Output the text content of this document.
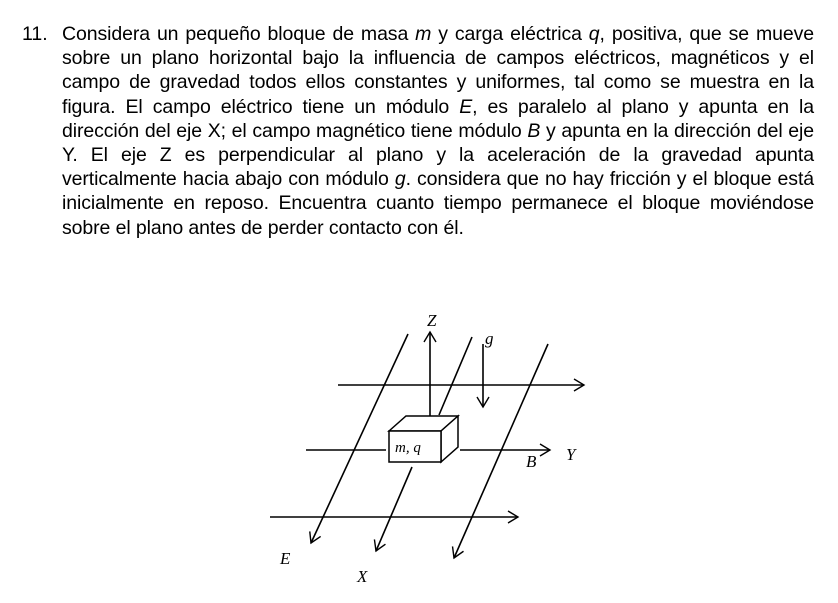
11. Considera un pequeño bloque de masa m y carga eléctrica q, positiva, que se mueve sobre un plano horizontal bajo la influencia de campos eléctricos, magnéticos y el campo de gravedad todos ellos constantes y uniformes, tal como se muestra en la figura. El campo eléctrico tiene un módulo E, es paralelo al plano y apunta en la dirección del eje X; el campo magnético tiene módulo B y apunta en la dirección del eje Y. El eje Z es perpendicular al plano y la aceleración de la gravedad apunta verticalmente hacia abajo con módulo g. considera que no hay fricción y el bloque está inicialmente en reposo. Encuentra cuanto tiempo permanece el bloque moviéndose sobre el plano antes de perder contacto con él.
Z
g
m, q
B Y
E
X
